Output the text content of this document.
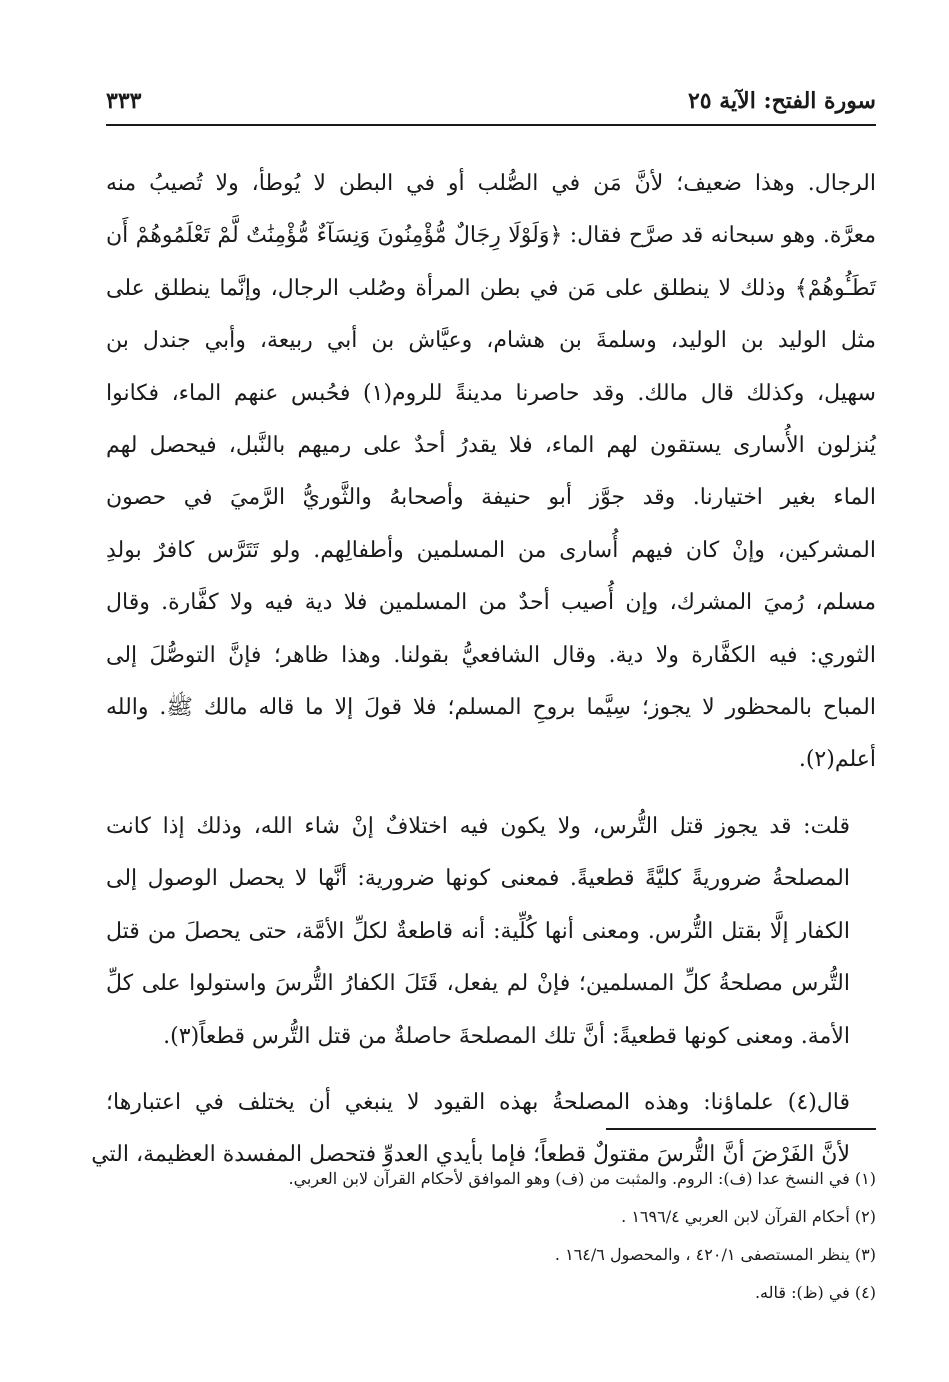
سورة الفتح: الآية ٢٥
٣٣٣

الرجال. وهذا ضعيف؛ لأنَّ مَن في الصُّلب أو في البطن لا يُوطأ، ولا تُصيبُ منه
معرَّة. وهو سبحانه قد صرَّح فقال: ﴿وَلَوْلَا رِجَالٌ مُّؤْمِنُونَ وَنِسَآءٌ مُّؤْمِنَٰتٌ لَّمْ تَعْلَمُوهُمْ أَن
تَطَـُٔوهُمْ﴾ وذلك لا ينطلق على مَن في بطن المرأة وصُلب الرجال، وإنَّما ينطلق على
مثل الوليد بن الوليد، وسلمةَ بن هشام، وعيَّاش بن أبي ربيعة، وأبي جندل بن
سهيل، وكذلك قال مالك. وقد حاصرنا مدينةً للروم(١) فحُبس عنهم الماء، فكانوا
يُنزلون الأُسارى يستقون لهم الماء، فلا يقدرُ أحدٌ على رميهم بالنَّبل، فيحصل لهم
الماء بغير اختيارنا. وقد جوَّز أبو حنيفة وأصحابهُ والثَّوريُّ الرَّميَ في حصون
المشركين، وإنْ كان فيهم أُسارى من المسلمين وأطفالِهم. ولو تَتَرَّس كافرٌ بولدِ
مسلم، رُميَ المشرك، وإن أُصيب أحدٌ من المسلمين فلا دية فيه ولا كفَّارة. وقال
الثوري: فيه الكفَّارة ولا دية. وقال الشافعيُّ بقولنا. وهذا ظاهر؛ فإنَّ التوصُّلَ إلى
المباح بالمحظور لا يجوز؛ سِيَّما بروحِ المسلم؛ فلا قولَ إلا ما قاله مالك ﷺ. والله
أعلم(٢).

قلت: قد يجوز قتل التُّرس، ولا يكون فيه اختلافٌ إنْ شاء الله، وذلك إذا كانت
المصلحةُ ضروريةً كليَّةً قطعيةً. فمعنى كونها ضرورية: أنَّها لا يحصل الوصول إلى
الكفار إلَّا بقتل التُّرس. ومعنى أنها كُلِّية: أنه قاطعةٌ لكلِّ الأمَّة، حتى يحصلَ من قتل
التُّرس مصلحةُ كلِّ المسلمين؛ فإنْ لم يفعل، قَتَلَ الكفارُ التُّرسَ واستولوا على كلِّ
الأمة. ومعنى كونها قطعيةً: أنَّ تلك المصلحةَ حاصلةٌ من قتل التُّرس قطعاً(٣).

قال(٤) علماؤنا: وهذه المصلحةُ بهذه القيود لا ينبغي أن يختلف في اعتبارها؛
لأنَّ الفَرْضَ أنَّ التُّرسَ مقتولٌ قطعاً؛ فإما بأيدي العدوِّ فتحصل المفسدة العظيمة، التي

(١) في النسخ عدا (ف): الروم. والمثبت من (ف) وهو الموافق لأحكام القرآن لابن العربي.
(٢) أحكام القرآن لابن العربي ١٦٩٦/٤ .
(٣) ينظر المستصفى ٤٢٠/١ ، والمحصول ١٦٤/٦ .
(٤) في (ظ): قاله.
